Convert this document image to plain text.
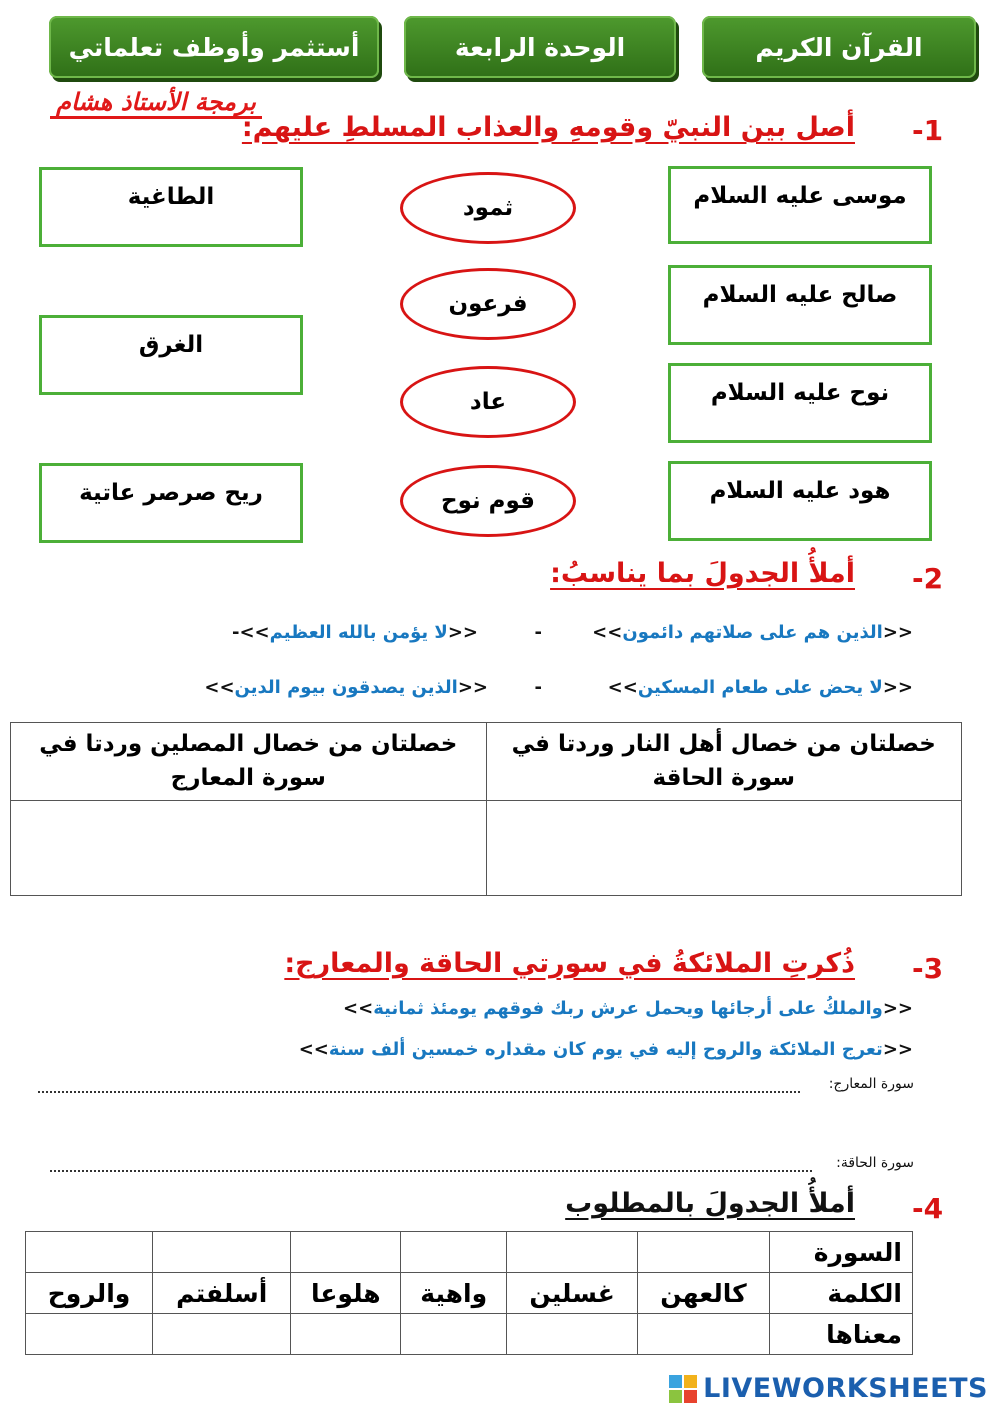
القرآن الكريم
الوحدة الرابعة
أستثمر وأوظف تعلماتي
برمجة الأستاذ هشام
-1
أصل بين النبيّ وقومهِ والعذاب المسلطِ عليهم:
موسى عليه السلام
صالح عليه السلام
نوح عليه السلام
هود عليه السلام
ثمود
فرعون
عاد
قوم نوح
الطاغية
الغرق
ريح صرصر عاتية
-2
أملأُ الجدولَ بما يناسبُ:
<<الذين هم على صلاتهم دائمون>>
-
<<لا يؤمن بالله العظيم>>-
<<لا يحض على طعام المسكين>>
-
<<الذين يصدقون بيوم الدين>>
خصلتان من خصال أهل النار وردتا في سورة الحاقة	خصلتان من خصال المصلين وردتا في سورة المعارج

-3
ذُكرتِ الملائكةُ في سورتي الحاقة والمعارج:
<<والملكُ على أرجائها ويحمل عرش ربك فوقهم يومئذ ثمانية>>
<<تعرج الملائكة والروح إليه في يوم كان مقداره خمسين ألف سنة>>
سورة المعارج:
سورة الحاقة:
-4
أملأُ الجدولَ بالمطلوب
السورة						
الكلمة	كالعهن	غسلين	واهية	هلوعا	أسلفتم	والروح
معناها						
LIVEWORKSHEETS
